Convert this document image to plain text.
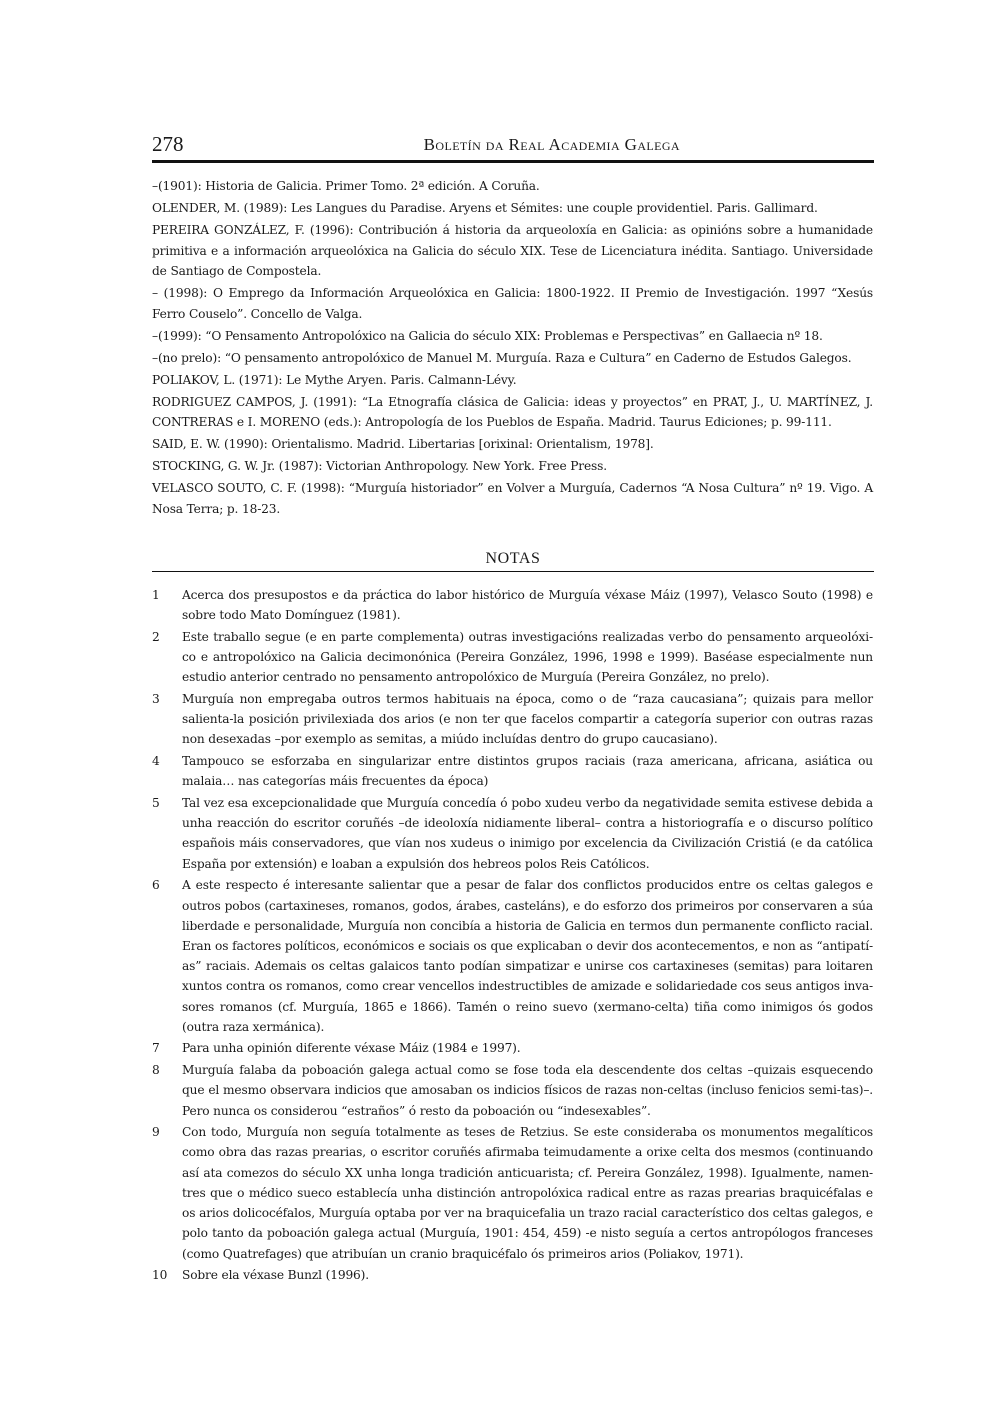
278	Boletín da Real Academia Galega

–(1901): Historia de Galicia. Primer Tomo. 2ª edición. A Coruña.

OLENDER, M. (1989): Les Langues du Paradise. Aryens et Sémites: une couple providentiel. Paris. Gallimard.

PEREIRA GONZÁLEZ, F. (1996): Contribución á historia da arqueoloxía en Galicia: as opinións sobre a humanidade primitiva e a información arqueolóxica na Galicia do século XIX. Tese de Licenciatura inédita. Santiago. Universidade de Santiago de Compostela.

– (1998): O Emprego da Información Arqueolóxica en Galicia: 1800-1922. II Premio de Investigación. 1997 “Xesús Ferro Couselo”. Concello de Valga.

–(1999): “O Pensamento Antropolóxico na Galicia do século XIX: Problemas e Perspectivas” en Gallaecia nº 18.

–(no prelo): “O pensamento antropolóxico de Manuel M. Murguía. Raza e Cultura” en Caderno de Estudos Galegos.

POLIAKOV, L. (1971): Le Mythe Aryen. Paris. Calmann-Lévy.

RODRIGUEZ CAMPOS, J. (1991): “La Etnografía clásica de Galicia: ideas y proyectos” en PRAT, J., U. MARTÍNEZ, J. CONTRERAS e I. MORENO (eds.): Antropología de los Pueblos de España. Madrid. Taurus Ediciones; p. 99-111.

SAID, E. W. (1990): Orientalismo. Madrid. Libertarias [orixinal: Orientalism, 1978].

STOCKING, G. W. Jr. (1987): Victorian Anthropology. New York. Free Press.

VELASCO SOUTO, C. F. (1998): “Murguía historiador” en Volver a Murguía, Cadernos “A Nosa Cultura” nº 19. Vigo. A Nosa Terra; p. 18-23.

NOTAS
1	Acerca dos presupostos e da práctica do labor histórico de Murguía véxase Máiz (1997), Velasco Souto (1998) e sobre todo Mato Domínguez (1981).
2	Este traballo segue (e en parte complementa) outras investigacións realizadas verbo do pensamento arqueolóxi-co e antropolóxico na Galicia decimonónica (Pereira González, 1996, 1998 e 1999). Baséase especialmente nun estudio anterior centrado no pensamento antropolóxico de Murguía (Pereira González, no prelo).
3	Murguía non empregaba outros termos habituais na época, como o de “raza caucasiana”; quizais para mellor salienta-la posición privilexiada dos arios (e non ter que facelos compartir a categoría superior con outras razas non desexadas –por exemplo as semitas, a miúdo incluídas dentro do grupo caucasiano).
4	Tampouco se esforzaba en singularizar entre distintos grupos raciais (raza americana, africana, asiática ou malaia… nas categorías máis frecuentes da época)
5	Tal vez esa excepcionalidade que Murguía concedía ó pobo xudeu verbo da negatividade semita estivese debida a unha reacción do escritor coruñés –de ideoloxía nidiamente liberal– contra a historiografía e o discurso político españois máis conservadores, que vían nos xudeus o inimigo por excelencia da Civilización Cristiá (e da católica España por extensión) e loaban a expulsión dos hebreos polos Reis Católicos.
6	A este respecto é interesante salientar que a pesar de falar dos conflictos producidos entre os celtas galegos e outros pobos (cartaxineses, romanos, godos, árabes, casteláns), e do esforzo dos primeiros por conservaren a súa liberdade e personalidade, Murguía non concibía a historia de Galicia en termos dun permanente conflicto racial. Eran os factores políticos, económicos e sociais os que explicaban o devir dos acontecementos, e non as “antipatí-as” raciais. Ademais os celtas galaicos tanto podían simpatizar e unirse cos cartaxineses (semitas) para loitaren xuntos contra os romanos, como crear vencellos indestructibles de amizade e solidariedade cos seus antigos inva-sores romanos (cf. Murguía, 1865 e 1866). Tamén o reino suevo (xermano-celta) tiña como inimigos ós godos (outra raza xermánica).
7	Para unha opinión diferente véxase Máiz (1984 e 1997).
8	Murguía falaba da poboación galega actual como se fose toda ela descendente dos celtas –quizais esquecendo que el mesmo observara indicios que amosaban os indicios físicos de razas non-celtas (incluso fenicios semi-tas)–. Pero nunca os considerou “estraños” ó resto da poboación ou “indesexables”.
9	Con todo, Murguía non seguía totalmente as teses de Retzius. Se este consideraba os monumentos megalíticos como obra das razas prearias, o escritor coruñés afirmaba teimudamente a orixe celta dos mesmos (continuando así ata comezos do século XX unha longa tradición anticuarista; cf. Pereira González, 1998). Igualmente, namen-tres que o médico sueco establecía unha distinción antropolóxica radical entre as razas prearias braquicéfalas e os arios dolicocéfalos, Murguía optaba por ver na braquicefalia un trazo racial característico dos celtas galegos, e polo tanto da poboación galega actual (Murguía, 1901: 454, 459) -e nisto seguía a certos antropólogos franceses (como Quatrefages) que atribuían un cranio braquicéfalo ós primeiros arios (Poliakov, 1971).
10	Sobre ela véxase Bunzl (1996).
